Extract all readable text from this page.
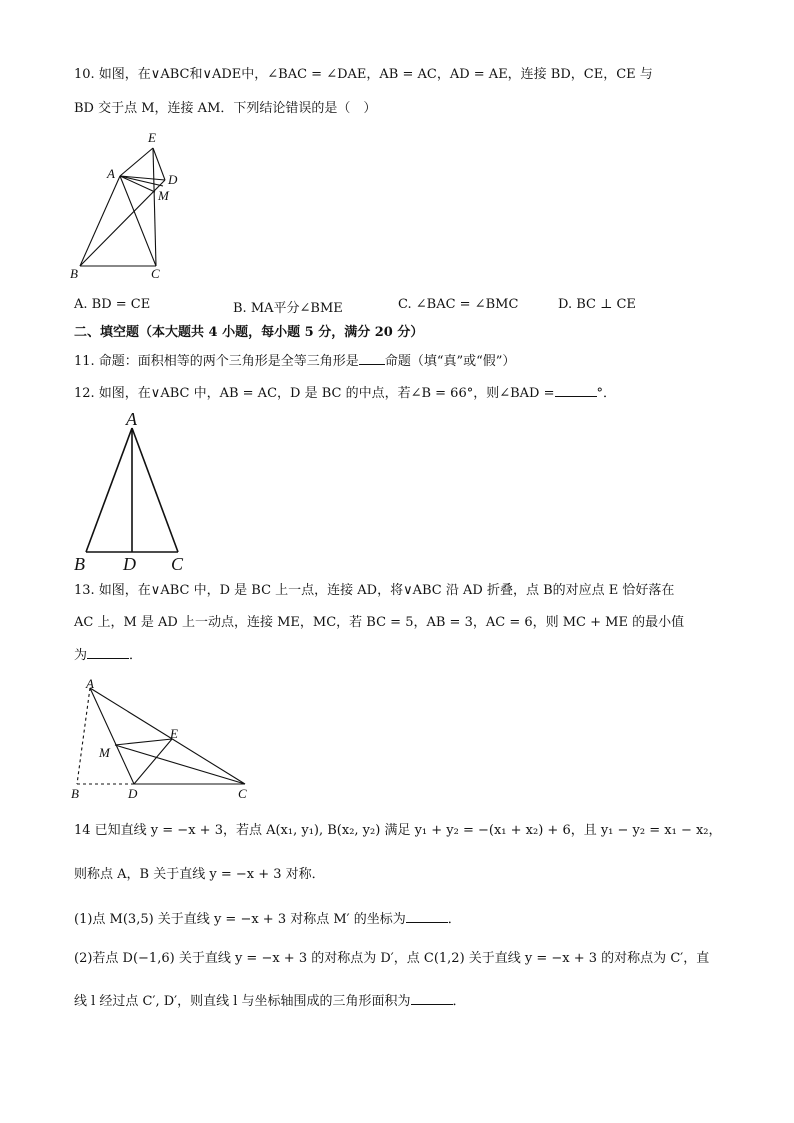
10. 如图，在∨ABC和∨ADE中，∠BAC = ∠DAE，AB = AC，AD = AE，连接 BD，CE，CE 与
BD 交于点 M，连接 AM．下列结论错误的是（　）
E
A	D
M
B	C
A. BD = CE	B. MA平分∠BME	C. ∠BAC = ∠BMC	D. BC ⊥ CE
二、填空题（本大题共 4 小题，每小题 5 分，满分 20 分）
11. 命题：面积相等的两个三角形是全等三角形是 命题（填“真”或“假”）
12. 如图，在∨ABC 中，AB = AC，D 是 BC 的中点，若∠B = 66°，则∠BAD =	°．
A
B D C
13. 如图，在∨ABC 中，D 是 BC 上一点，连接 AD，将∨ABC 沿 AD 折叠，点 B的对应点 E 恰好落在
AC 上，M 是 AD 上一动点，连接 ME，MC，若 BC = 5，AB = 3，AC = 6，则 MC + ME 的最小值
为	．
A
E
M
B	D	C
14 已知直线 y = −x + 3，若点 A(x₁, y₁), B(x₂, y₂) 满足 y₁ + y₂ = −(x₁ + x₂) + 6，且 y₁ − y₂ = x₁ − x₂，
则称点 A，B 关于直线 y = −x + 3 对称．
(1)点 M(3,5) 关于直线 y = −x + 3 对称点 M′ 的坐标为	．
(2)若点 D(−1,6) 关于直线 y = −x + 3 的对称点为 D′，点 C(1,2) 关于直线 y = −x + 3 的对称点为 C′，直
线 l 经过点 C′, D′，则直线 l 与坐标轴围成的三角形面积为	．
